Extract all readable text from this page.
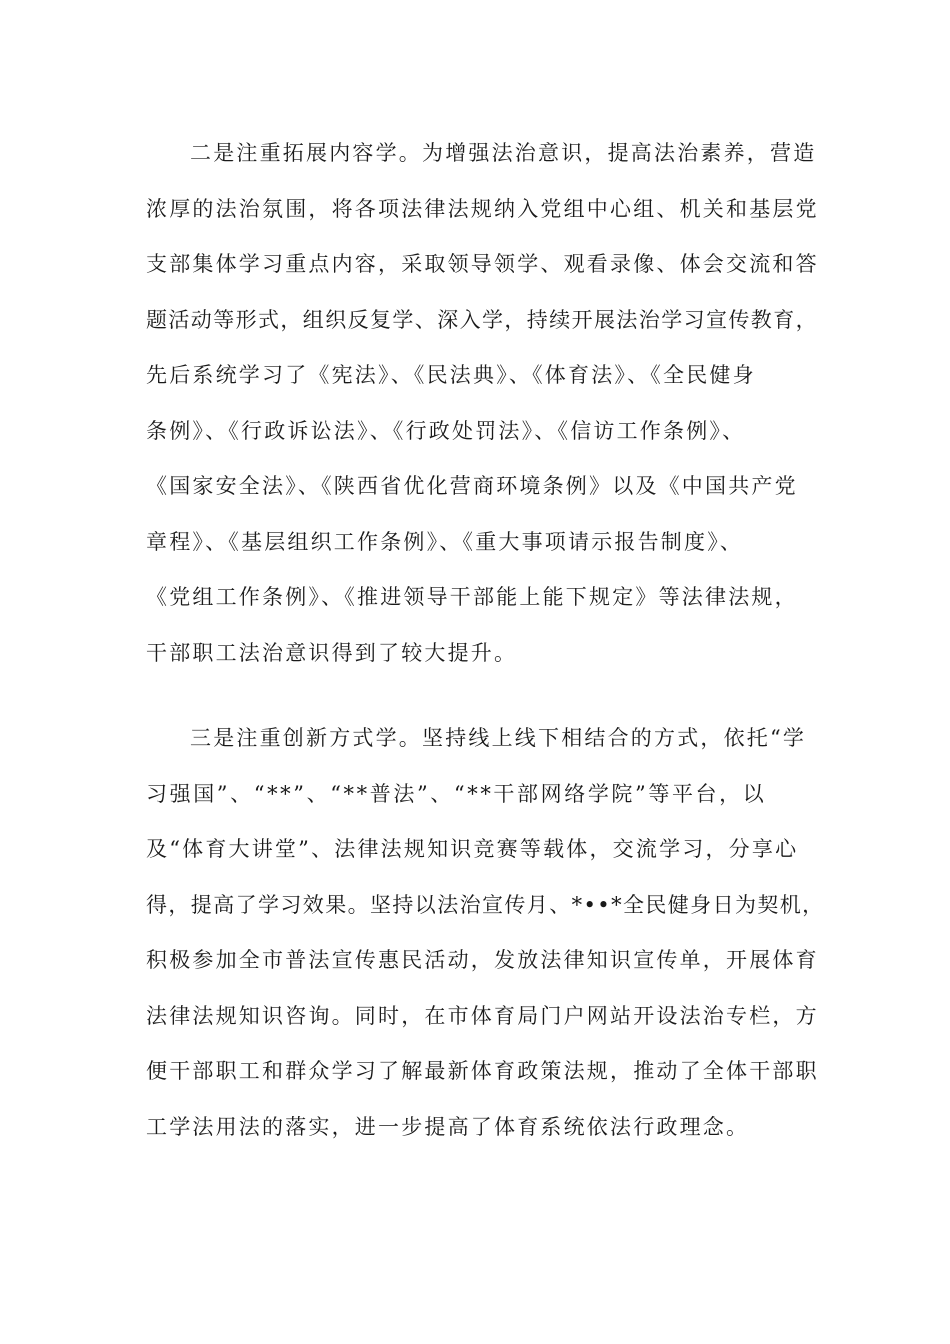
二是注重拓展内容学。为增强法治意识，提高法治素养，营造
浓厚的法治氛围，将各项法律法规纳入党组中心组、机关和基层党
支部集体学习重点内容，采取领导领学、观看录像、体会交流和答
题活动等形式，组织反复学、深入学，持续开展法治学习宣传教育，
先后系统学习了《宪法》、《民法典》、《体育法》、《全民健身
条例》、《行政诉讼法》、《行政处罚法》、《信访工作条例》、
《国家安全法》、《陕西省优化营商环境条例》以及《中国共产党
章程》、《基层组织工作条例》、《重大事项请示报告制度》、
《党组工作条例》、《推进领导干部能上能下规定》等法律法规，
干部职工法治意识得到了较大提升。
三是注重创新方式学。坚持线上线下相结合的方式，依托“学
习强国”、“**”、“**普法”、“**干部网络学院”等平台，以
及“体育大讲堂”、法律法规知识竞赛等载体，交流学习，分享心
得，提高了学习效果。坚持以法治宣传月、*••*全民健身日为契机，
积极参加全市普法宣传惠民活动，发放法律知识宣传单，开展体育
法律法规知识咨询。同时，在市体育局门户网站开设法治专栏，方
便干部职工和群众学习了解最新体育政策法规，推动了全体干部职
工学法用法的落实，进一步提高了体育系统依法行政理念。
